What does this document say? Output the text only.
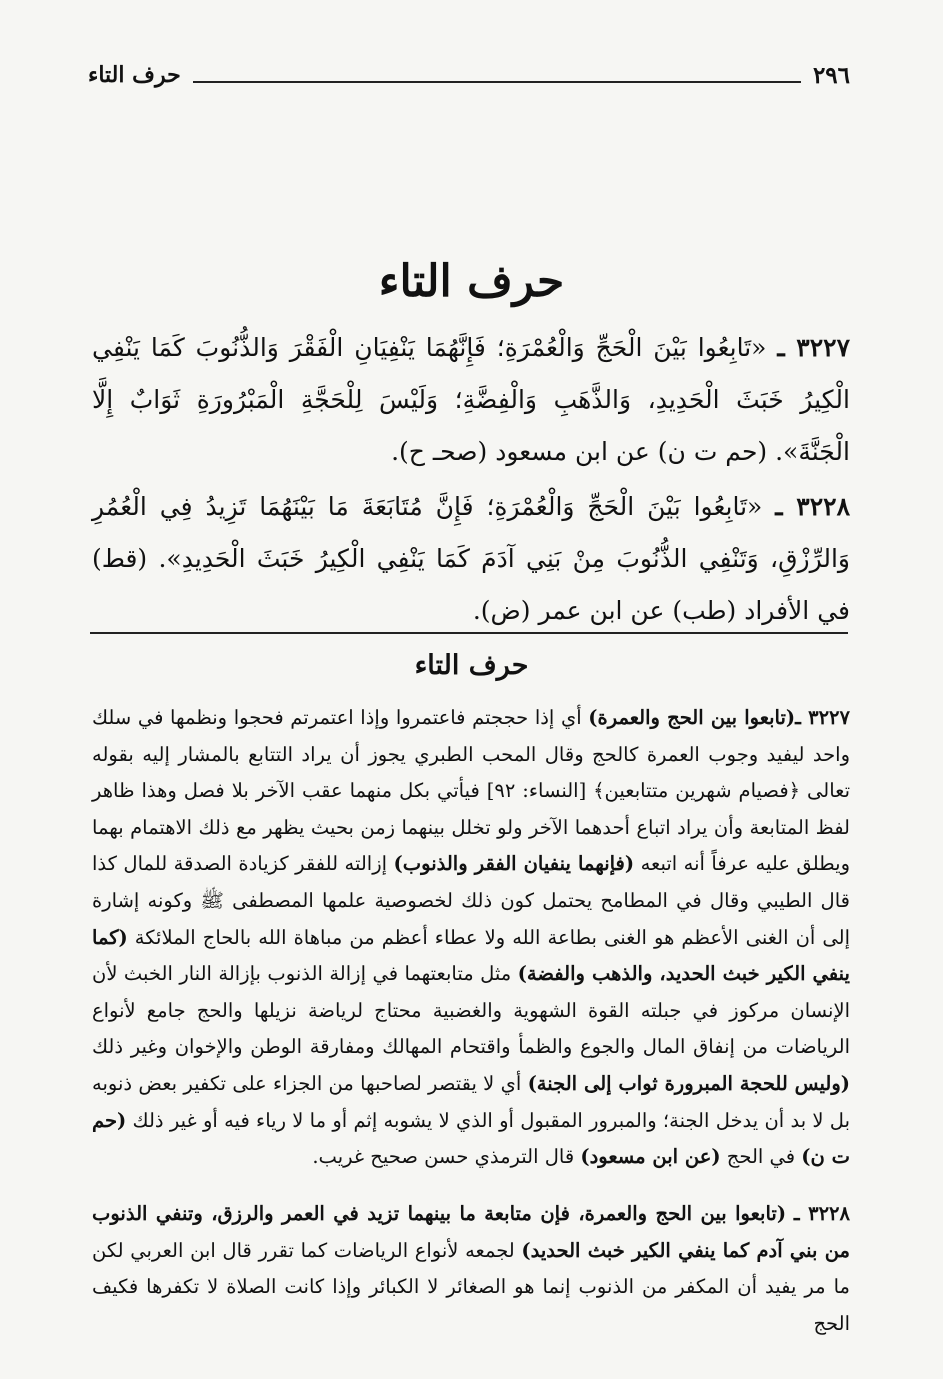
٢٩٦
حرف التاء
حرف التاء
٣٢٢٧ ـ «تَابِعُوا بَيْنَ الْحَجِّ وَالْعُمْرَةِ؛ فَإِنَّهُمَا يَنْفِيَانِ الْفَقْرَ وَالذُّنُوبَ كَمَا يَنْفِي الْكِيرُ خَبَثَ الْحَدِيدِ، وَالذَّهَبِ وَالْفِضَّةِ؛ وَلَيْسَ لِلْحَجَّةِ الْمَبْرُورَةِ ثَوَابٌ إِلَّا الْجَنَّةَ». (حم ت ن) عن ابن مسعود (صحـ ح).
٣٢٢٨ ـ «تَابِعُوا بَيْنَ الْحَجِّ وَالْعُمْرَةِ؛ فَإِنَّ مُتَابَعَةَ مَا بَيْنَهُمَا تَزِيدُ فِي الْعُمُرِ وَالرِّزْقِ، وَتَنْفِي الذُّنُوبَ مِنْ بَنِي آدَمَ كَمَا يَنْفِي الْكِيرُ خَبَثَ الْحَدِيدِ». (قط) في الأفراد (طب) عن ابن عمر (ض).
حرف التاء
٣٢٢٧ ـ(تابعوا بين الحج والعمرة) أي إذا حججتم فاعتمروا وإذا اعتمرتم فحجوا ونظمها في سلك واحد ليفيد وجوب العمرة كالحج وقال المحب الطبري يجوز أن يراد التتابع بالمشار إليه بقوله تعالى ﴿فصيام شهرين متتابعين﴾ [النساء: ٩٢] فيأتي بكل منهما عقب الآخر بلا فصل وهذا ظاهر لفظ المتابعة وأن يراد اتباع أحدهما الآخر ولو تخلل بينهما زمن بحيث يظهر مع ذلك الاهتمام بهما ويطلق عليه عرفاً أنه اتبعه (فإنهما ينفيان الفقر والذنوب) إزالته للفقر كزيادة الصدقة للمال كذا قال الطيبي وقال في المطامح يحتمل كون ذلك لخصوصية علمها المصطفى ﷺ وكونه إشارة إلى أن الغنى الأعظم هو الغنى بطاعة الله ولا عطاء أعظم من مباهاة الله بالحاج الملائكة (كما ينفي الكير خبث الحديد، والذهب والفضة) مثل متابعتهما في إزالة الذنوب بإزالة النار الخبث لأن الإنسان مركوز في جبلته القوة الشهوية والغضبية محتاج لرياضة نزيلها والحج جامع لأنواع الرياضات من إنفاق المال والجوع والظمأ واقتحام المهالك ومفارقة الوطن والإخوان وغير ذلك (وليس للحجة المبرورة ثواب إلى الجنة) أي لا يقتصر لصاحبها من الجزاء على تكفير بعض ذنوبه بل لا بد أن يدخل الجنة؛ والمبرور المقبول أو الذي لا يشوبه إثم أو ما لا رياء فيه أو غير ذلك (حم ت ن) في الحج (عن ابن مسعود) قال الترمذي حسن صحيح غريب.
٣٢٢٨ ـ (تابعوا بين الحج والعمرة، فإن متابعة ما بينهما تزيد في العمر والرزق، وتنفي الذنوب من بني آدم كما ينفي الكير خبث الحديد) لجمعه لأنواع الرياضات كما تقرر قال ابن العربي لكن ما مر يفيد أن المكفر من الذنوب إنما هو الصغائر لا الكبائر وإذا كانت الصلاة لا تكفرها فكيف الحج
